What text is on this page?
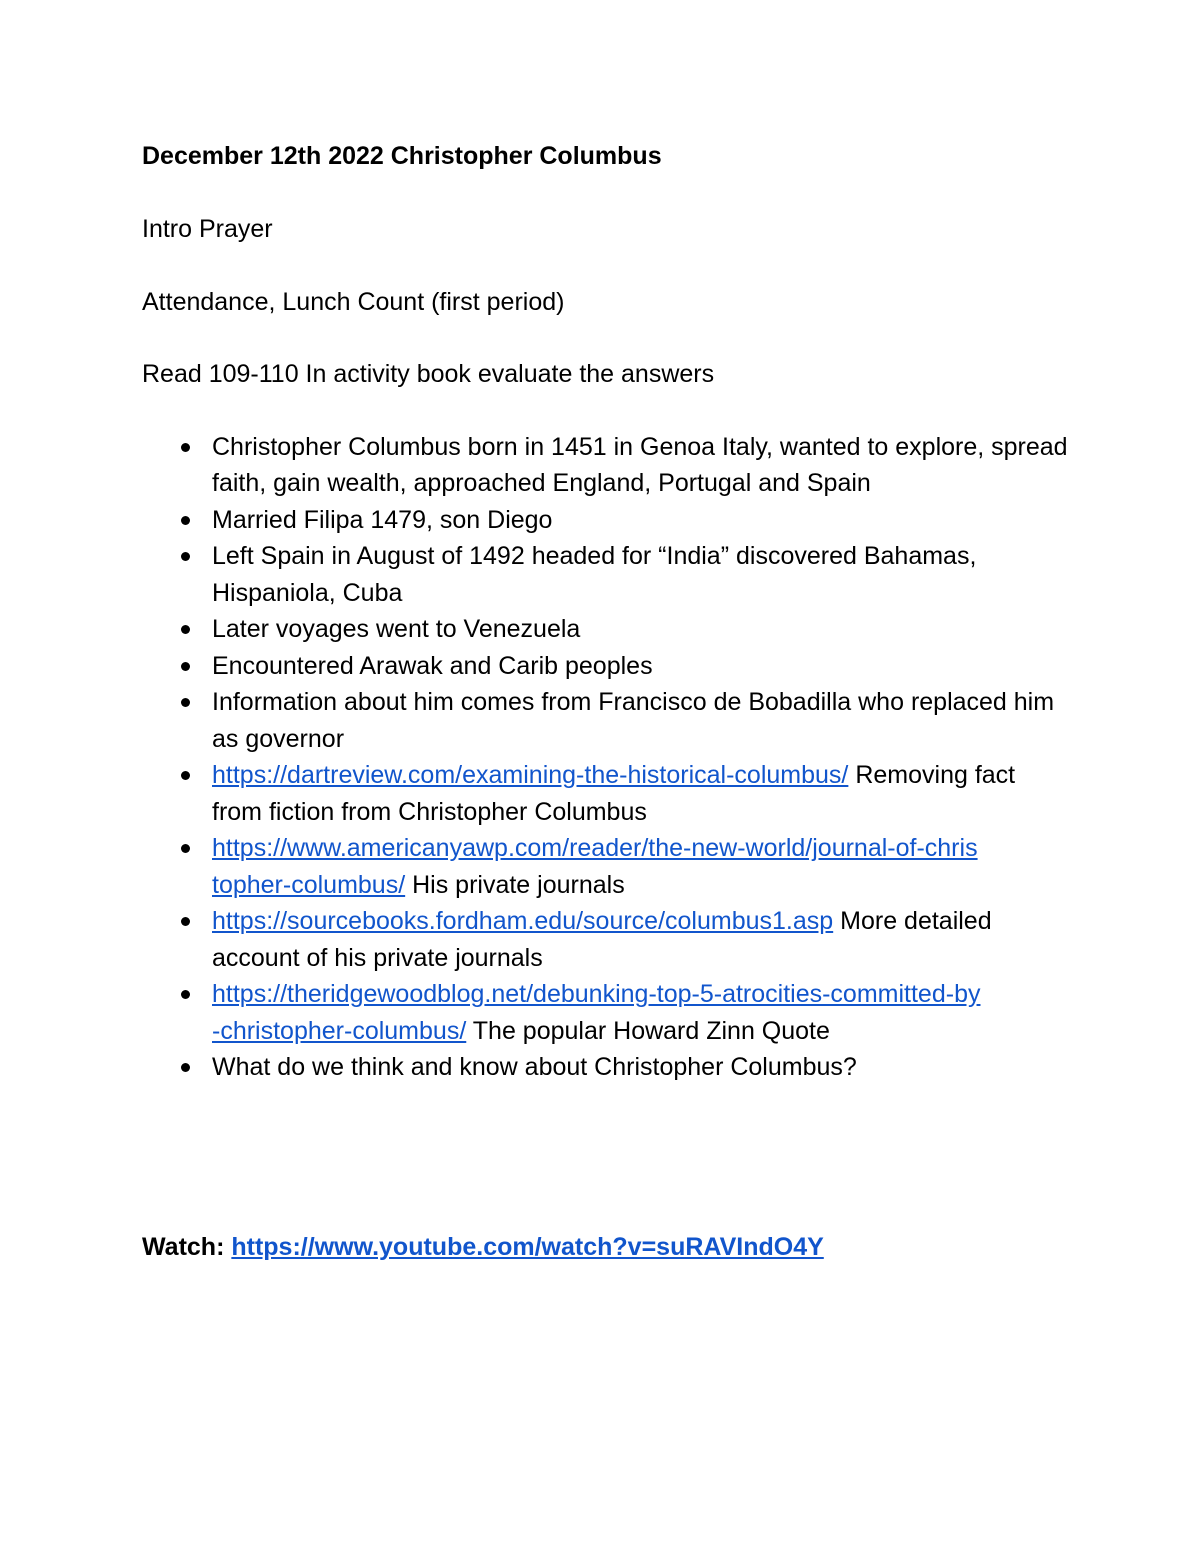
December 12th 2022 Christopher Columbus

Intro Prayer

Attendance, Lunch Count (first period)

Read 109-110 In activity book evaluate the answers

Christopher Columbus born in 1451 in Genoa Italy, wanted to explore, spread faith, gain wealth, approached England, Portugal and Spain
Married Filipa 1479, son Diego
Left Spain in August of 1492 headed for “India” discovered Bahamas, Hispaniola, Cuba
Later voyages went to Venezuela
Encountered Arawak and Carib peoples
Information about him comes from Francisco de Bobadilla who replaced him as governor
https://dartreview.com/examining-the-historical-columbus/ Removing fact from fiction from Christopher Columbus
https://www.americanyawp.com/reader/the-new-world/journal-of-chris
topher-columbus/ His private journals
https://sourcebooks.fordham.edu/source/columbus1.asp More detailed account of his private journals
https://theridgewoodblog.net/debunking-top-5-atrocities-committed-by
-christopher-columbus/ The popular Howard Zinn Quote
What do we think and know about Christopher Columbus?
Watch: https://www.youtube.com/watch?v=suRAVIndO4Y
